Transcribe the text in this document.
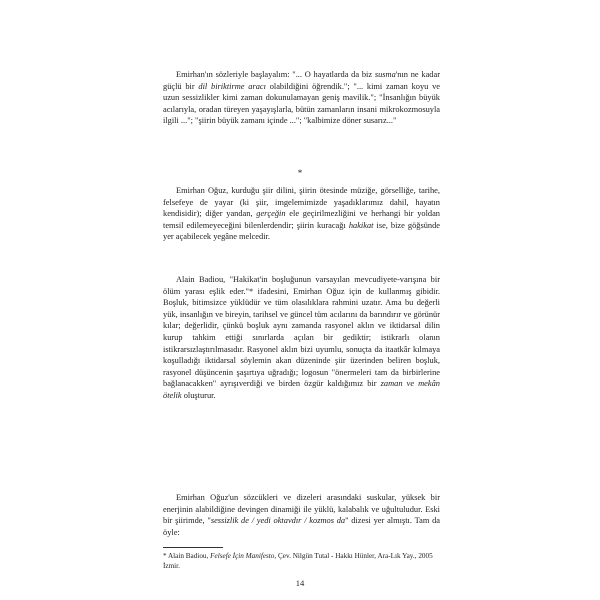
Emirhan'ın sözleriyle başlayalım: "... O hayatlarda da biz susma'nın ne kadar güçlü bir dil biriktirme aracı olabildiğini öğrendik."; "... kimi zaman koyu ve uzun sessizlikler kimi zaman dokunulamayan geniş mavilik."; "İnsanlığın büyük acılarıyla, oradan türeyen yaşayışlarla, bütün zamanların insani mikrokozmosuyla ilgili ..."; "şiirin büyük zamanı içinde ..."; "kalbimize döner susarız..."

*

Emirhan Oğuz, kurduğu şiir dilini, şiirin ötesinde müziğe, görselliğe, tarihe, felsefeye de yayar (ki şiir, imgelemimizde yaşadıklarımız dahil, hayatın kendisidir); diğer yandan, gerçeğin ele geçirilmezliğini ve herhangi bir yoldan temsil edilemeyeceğini bilenlerdendir; şiirin kuracağı hakikat ise, bize göğsünde yer açabilecek yegâne melcedir.

Alain Badiou, "Hakikat'in boşluğunun varsayılan mevcudiyete-varışına bir ölüm yarası eşlik eder."* ifadesini, Emirhan Oğuz için de kullanmış gibidir. Boşluk, bitimsizce yüklüdür ve tüm olasılıklara rahmini uzatır. Ama bu değerli yük, insanlığın ve bireyin, tarihsel ve güncel tüm acılarını da barındırır ve görünür kılar; değerlidir, çünkü boşluk aynı zamanda rasyonel aklın ve iktidarsal dilin kurup tahkim ettiği sınırlarda açılan bir gediktir; istikrarlı olanın istikrarsızlaştırılmasıdır. Rasyonel aklın bizi uyumlu, sonuçta da itaatkâr kılmaya koşulladığı iktidarsal söylemin akan düzeninde şiir üzerinden beliren boşluk, rasyonel düşüncenin şaşırtıya uğradığı; logosun "önermeleri tam da birbirlerine bağlanacakken" ayrışıverdiği ve birden özgür kaldığımız bir zaman ve mekân ötelik oluşturur.

Emirhan Oğuz'un sözcükleri ve dizeleri arasındaki suskular, yüksek bir enerjinin alabildiğine devingen dinamiği ile yüklü, kalabalık ve uğultuludur. Eski bir şiirimde, "sessizlik de / yedi oktavdır / kozmos da" dizesi yer almıştı. Tam da öyle:

* Alain Badiou, Felsefe İçin Manifesto, Çev. Nilgün Tutal - Hakkı Hünler, Ara-Lık Yay., 2005 İzmir.

14
